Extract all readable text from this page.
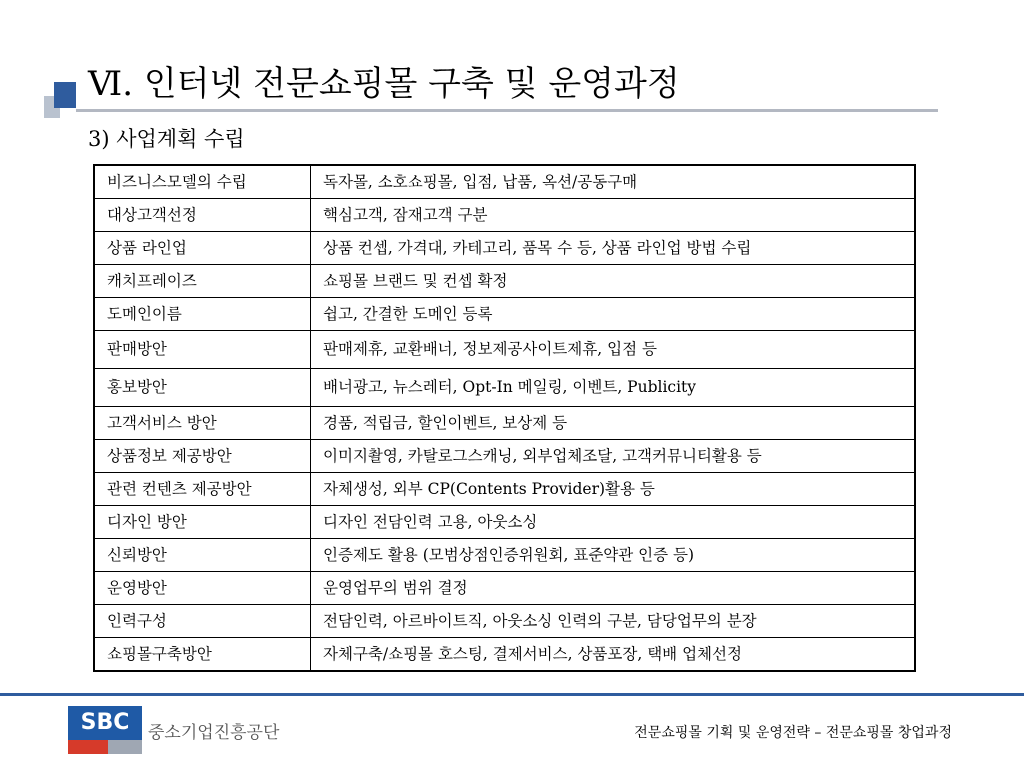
Ⅵ. 인터넷 전문쇼핑몰 구축 및 운영과정
3) 사업계획 수립
비즈니스모델의 수립	독자몰, 소호쇼핑몰, 입점, 납품, 옥션/공동구매
대상고객선정	핵심고객, 잠재고객 구분
상품 라인업	상품 컨셉, 가격대, 카테고리, 품목 수 등, 상품 라인업 방법 수립
캐치프레이즈	쇼핑몰 브랜드 및 컨셉 확정
도메인이름	쉽고, 간결한 도메인 등록
판매방안	판매제휴, 교환배너, 정보제공사이트제휴, 입점 등
홍보방안	배너광고, 뉴스레터, Opt-In 메일링, 이벤트, Publicity
고객서비스 방안	경품, 적립금, 할인이벤트, 보상제 등
상품정보 제공방안	이미지촬영, 카탈로그스캐닝, 외부업체조달, 고객커뮤니티활용 등
관련 컨텐츠 제공방안	자체생성, 외부 CP(Contents Provider)활용 등
디자인 방안	디자인 전담인력 고용, 아웃소싱
신뢰방안	인증제도 활용 (모범상점인증위원회, 표준약관 인증 등)
운영방안	운영업무의 범위 결정
인력구성	전담인력, 아르바이트직, 아웃소싱 인력의 구분, 담당업무의 분장
쇼핑몰구축방안	자체구축/쇼핑몰 호스팅, 결제서비스, 상품포장, 택배 업체선정
SBC	중소기업진흥공단	전문쇼핑몰 기획 및 운영전략 – 전문쇼핑몰 창업과정
